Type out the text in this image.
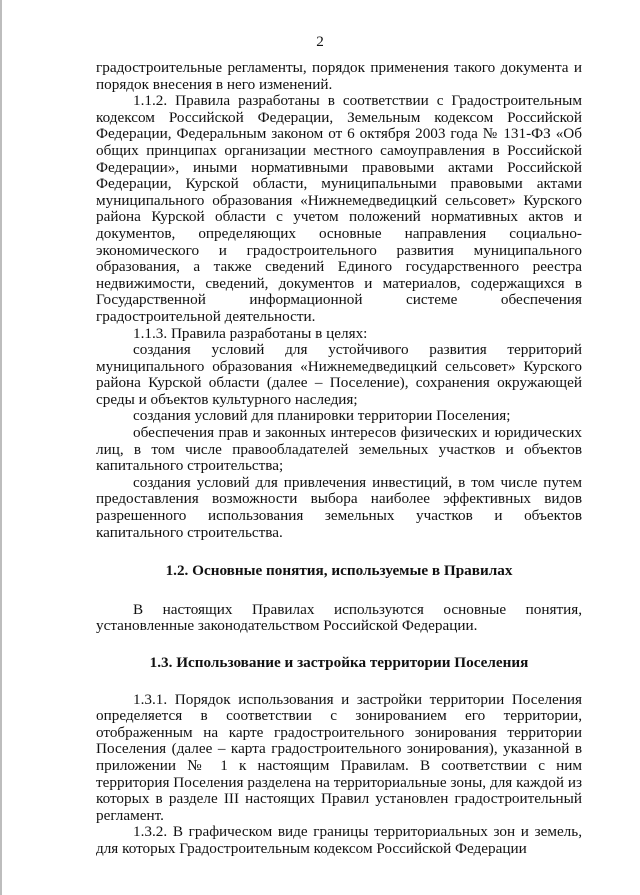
2

градостроительные регламенты, порядок применения такого документа и порядок внесения в него изменений.

1.1.2. Правила разработаны в соответствии с Градостроительным кодексом Российской Федерации, Земельным кодексом Российской Федерации, Федеральным законом от 6 октября 2003 года № 131-ФЗ «Об общих принципах организации местного самоуправления в Российской Федерации», иными нормативными правовыми актами Российской Федерации, Курской области, муниципальными правовыми актами муниципального образования «Нижнемедведицкий сельсовет» Курского района Курской области с учетом положений нормативных актов и документов, определяющих основные направления социально-экономического и градостроительного развития муниципального образования, а также сведений Единого государственного реестра недвижимости, сведений, документов и материалов, содержащихся в Государственной информационной системе обеспечения градостроительной деятельности.

1.1.3. Правила разработаны в целях:

создания условий для устойчивого развития территорий муниципального образования «Нижнемедведицкий сельсовет» Курского района Курской области (далее – Поселение), сохранения окружающей среды и объектов культурного наследия;

создания условий для планировки территории Поселения;

обеспечения прав и законных интересов физических и юридических лиц, в том числе правообладателей земельных участков и объектов капитального строительства;

создания условий для привлечения инвестиций, в том числе путем предоставления возможности выбора наиболее эффективных видов разрешенного использования земельных участков и объектов капитального строительства.

1.2. Основные понятия, используемые в Правилах

В настоящих Правилах используются основные понятия, установленные законодательством Российской Федерации.

1.3. Использование и застройка территории Поселения

1.3.1. Порядок использования и застройки территории Поселения определяется в соответствии с зонированием его территории, отображенным на карте градостроительного зонирования территории Поселения (далее – карта градостроительного зонирования), указанной в приложении № 1 к настоящим Правилам. В соответствии с ним территория Поселения разделена на территориальные зоны, для каждой из которых в разделе III настоящих Правил установлен градостроительный регламент.

1.3.2. В графическом виде границы территориальных зон и земель, для которых Градостроительным кодексом Российской Федерации
